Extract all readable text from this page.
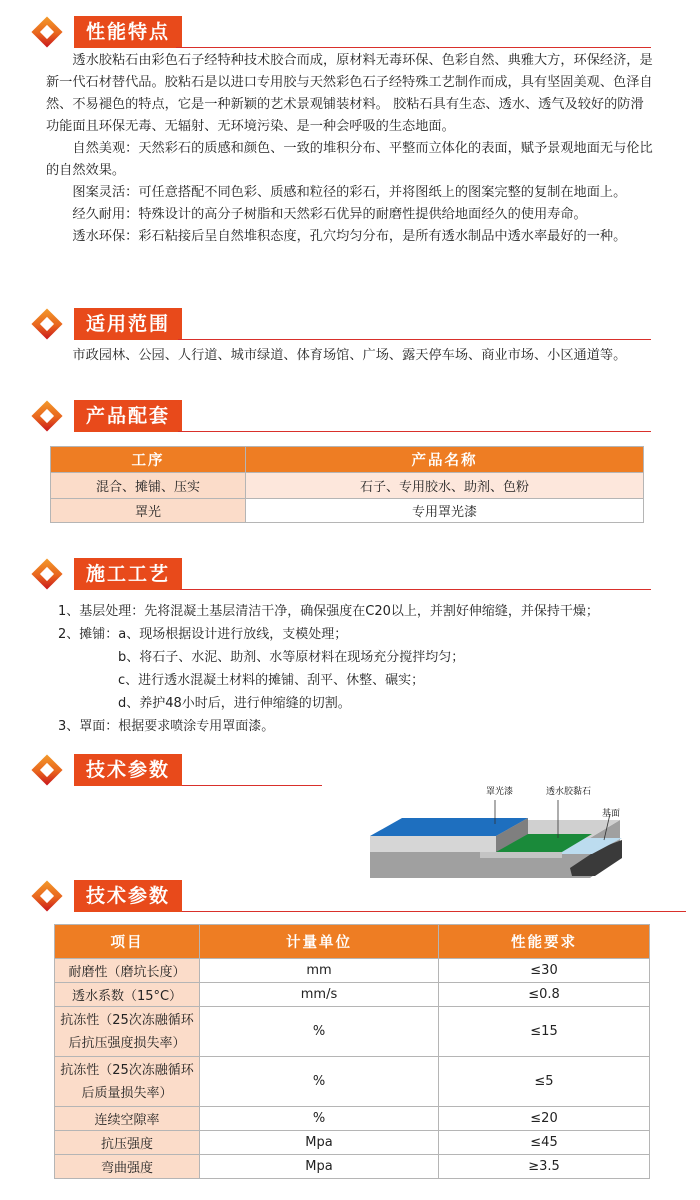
性能特点

透水胶粘石由彩色石子经特种技术胶合而成，原材料无毒环保、色彩自然、典雅大方，环保经济，是新一代石材替代品。胶粘石是以进口专用胶与天然彩色石子经特殊工艺制作而成，具有坚固美观、色泽自然、不易褪色的特点，它是一种新颖的艺术景观铺装材料。 胶粘石具有生态、透水、透气及较好的防滑功能面且环保无毒、无辐射、无环境污染、是一种会呼吸的生态地面。

自然美观：天然彩石的质感和颜色、一致的堆积分布、平整而立体化的表面，赋予景观地面无与伦比的自然效果。

图案灵活：可任意搭配不同色彩、质感和粒径的彩石，并将图纸上的图案完整的复制在地面上。

经久耐用：特殊设计的高分子树脂和天然彩石优异的耐磨性提供给地面经久的使用寿命。

透水环保：彩石粘接后呈自然堆积态度，孔穴均匀分布，是所有透水制品中透水率最好的一种。

适用范围

市政园林、公园、人行道、城市绿道、体育场馆、广场、露天停车场、商业市场、小区通道等。

产品配套
工序	产品名称
混合、摊铺、压实	石子、专用胶水、助剂、色粉
罩光	专用罩光漆
施工工艺
1、基层处理：先将混凝土基层清洁干净，确保强度在C20以上，并割好伸缩缝，并保持干燥；
2、摊铺：a、现场根据设计进行放线，支模处理；
b、将石子、水泥、助剂、水等原材料在现场充分搅拌均匀；
c、进行透水混凝土材料的摊铺、刮平、休整、碾实；
d、养护48小时后，进行伸缩缝的切割。
3、罩面：根据要求喷涂专用罩面漆。
技术参数
罩光漆	透水胶黏石
基面
技术参数
项目	计量单位	性能要求
耐磨性（磨坑长度）	mm	≤30
透水系数（15°C）	mm/s	≤0.8
抗冻性（25次冻融循环后抗压强度损失率）	%	≤15
抗冻性（25次冻融循环后质量损失率）	%	≤5
连续空隙率	%	≤20
抗压强度	Mpa	≤45
弯曲强度	Mpa	≥3.5
